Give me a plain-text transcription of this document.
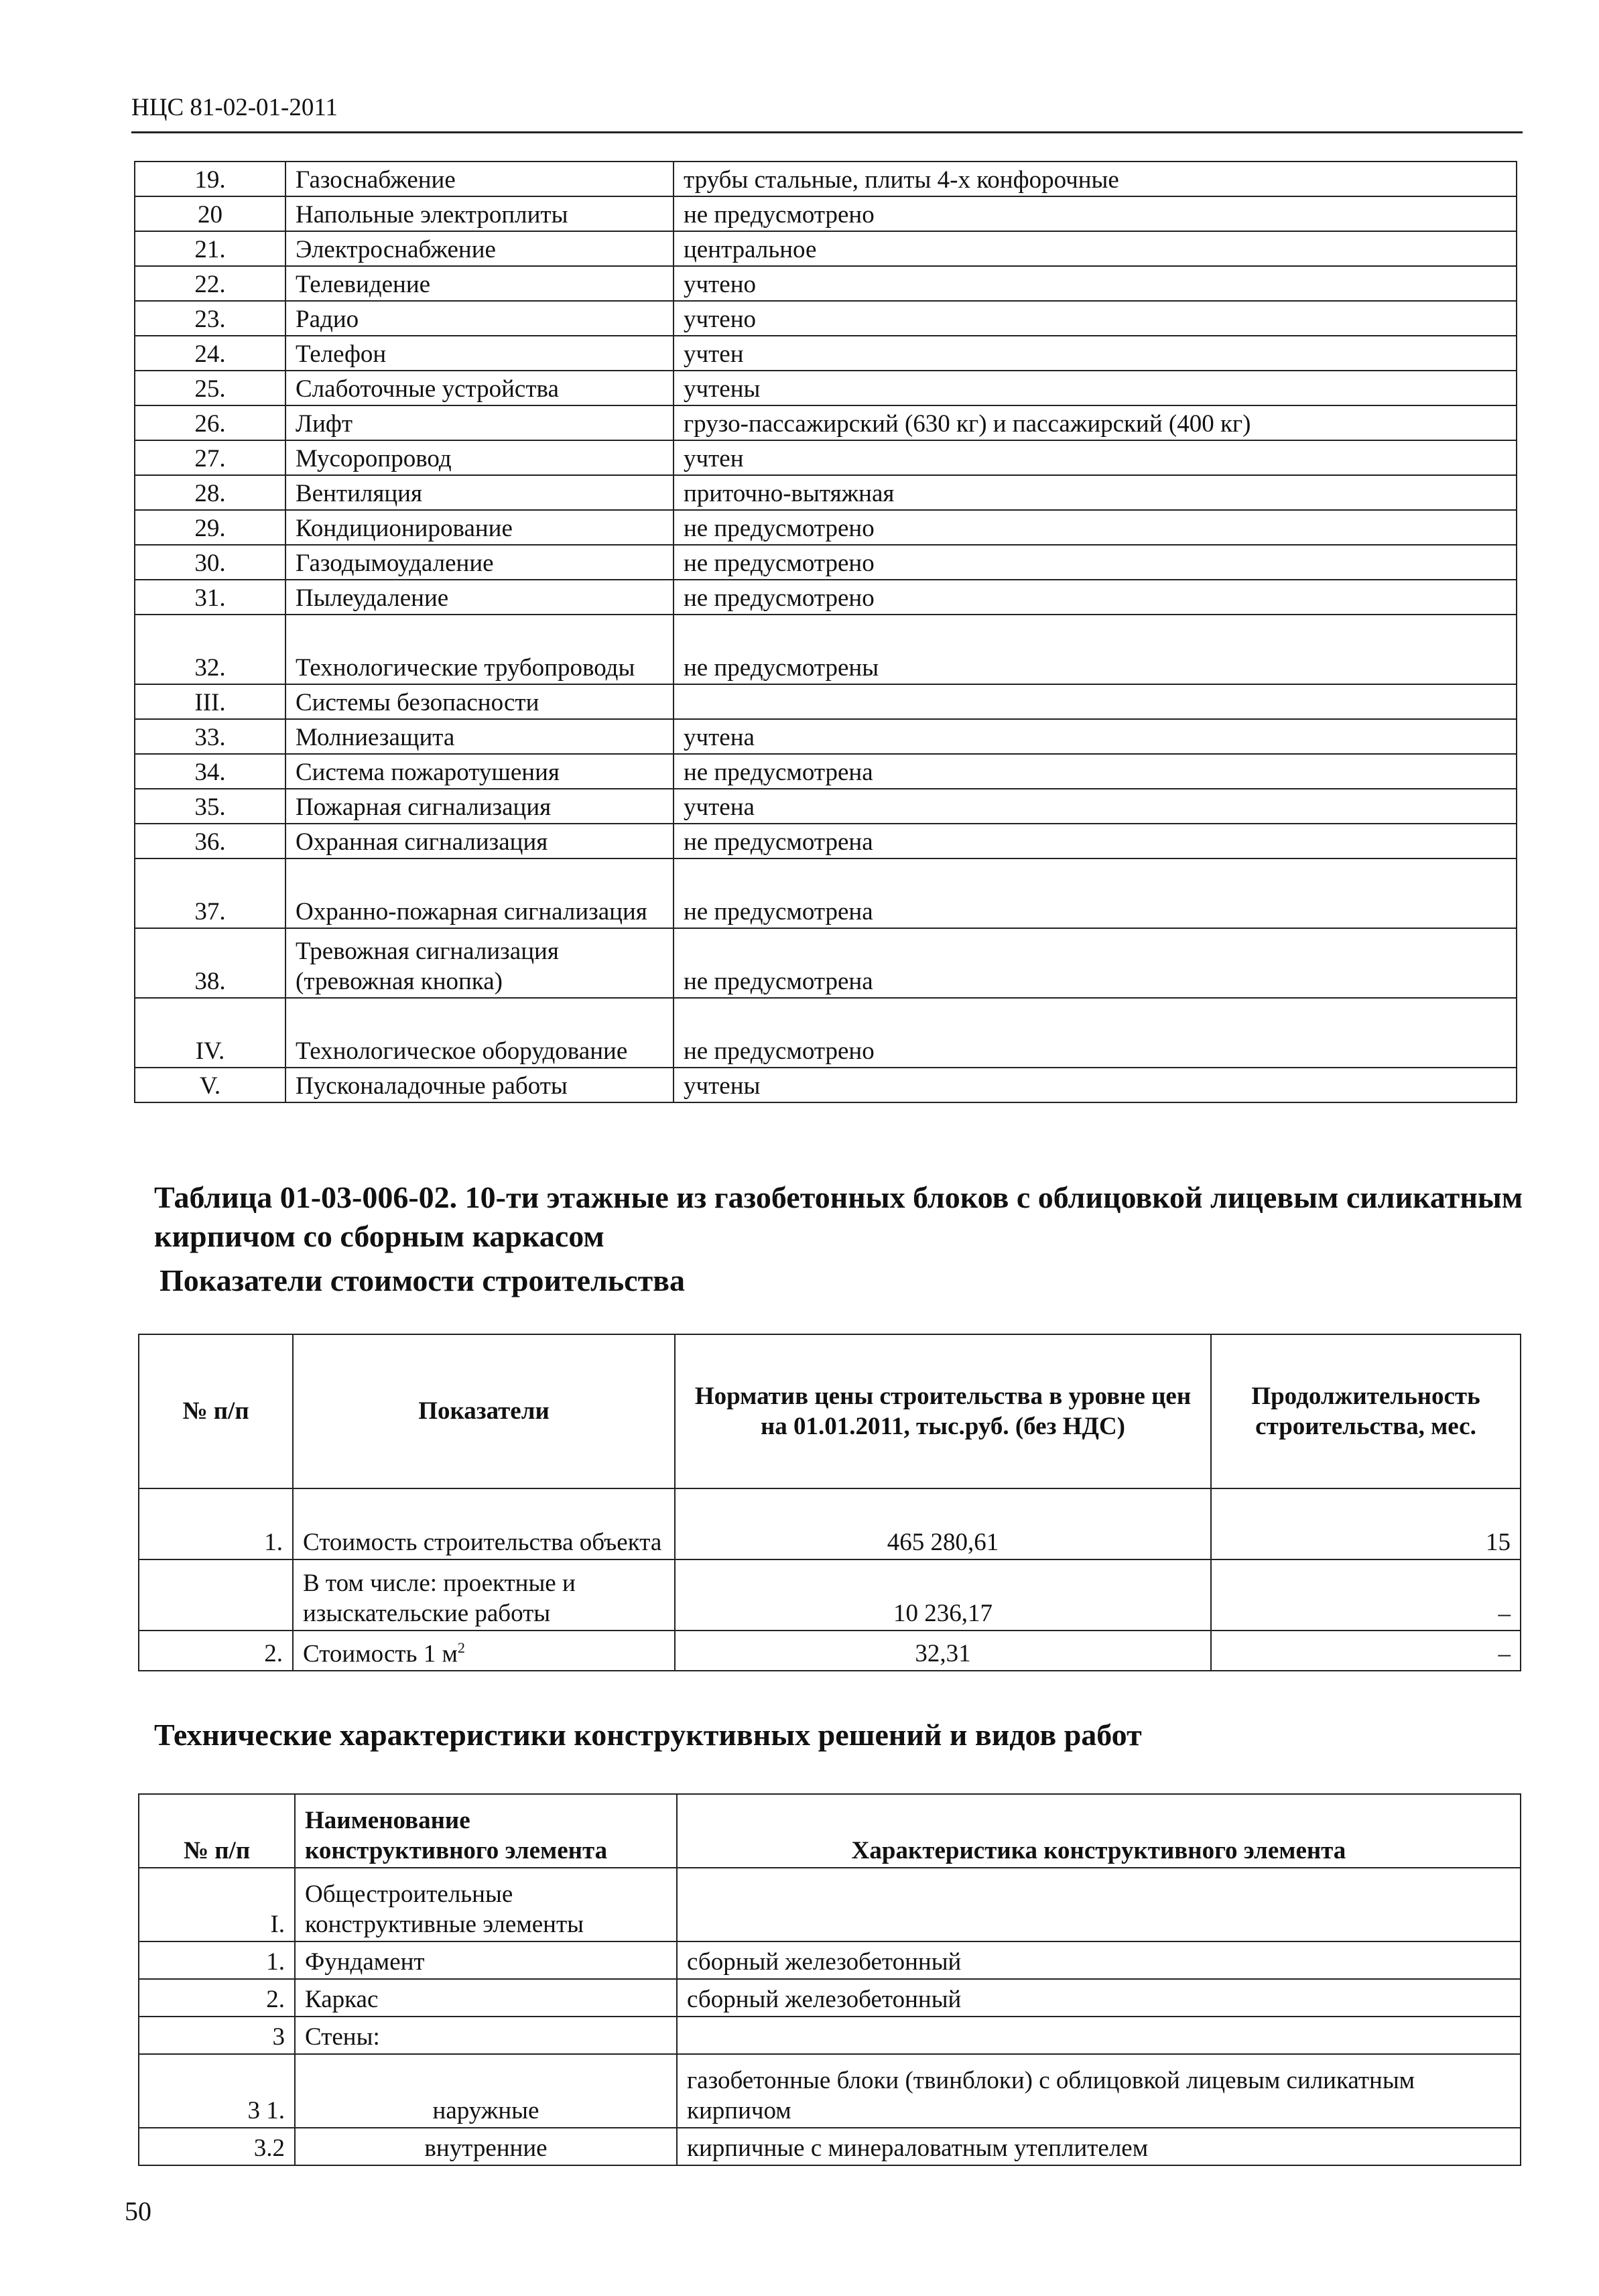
НЦС 81-02-01-2011
19.	Газоснабжение	трубы стальные, плиты 4-х конфорочные
20	Напольные электроплиты	не предусмотрено
21.	Электроснабжение	центральное
22.	Телевидение	учтено
23.	Радио	учтено
24.	Телефон	учтен
25.	Слаботочные устройства	учтены
26.	Лифт	грузо-пассажирский (630 кг) и пассажирский (400 кг)
27.	Мусоропровод	учтен
28.	Вентиляция	приточно-вытяжная
29.	Кондиционирование	не предусмотрено
30.	Газодымоудаление	не предусмотрено
31.	Пылеудаление	не предусмотрено
32.	Технологические трубопроводы	не предусмотрены
III.	Системы безопасности	
33.	Молниезащита	учтена
34.	Система пожаротушения	не предусмотрена
35.	Пожарная сигнализация	учтена
36.	Охранная сигнализация	не предусмотрена
37.	Охранно-пожарная сигнализация	не предусмотрена
38.	Тревожная сигнализация (тревожная кнопка)	не предусмотрена
IV.	Технологическое оборудование	не предусмотрено
V.	Пусконаладочные работы	учтены
Таблица 01-03-006-02. 10-ти этажные из газобетонных блоков с облицовкой лицевым силикатным кирпичом со сборным каркасом
Показатели стоимости строительства
№ п/п	Показатели	Норматив цены строительства в уровне цен на 01.01.2011, тыс.руб. (без НДС)	Продолжительность строительства, мес.
1.	Стоимость строительства объекта	465 280,61	15
	В том числе: проектные и изыскательские работы	10 236,17	–
2.	Стоимость 1 $м^2$	32,31	–
Технические характеристики конструктивных решений и видов работ
№ п/п	Наименование конструктивного элемента	Характеристика конструктивного элемента
I.	Общестроительные конструктивные элементы	
1.	Фундамент	сборный железобетонный
2.	Каркас	сборный железобетонный
3	Стены:	
3 1.	наружные	газобетонные блоки (твинблоки) с облицовкой лицевым силикатным кирпичом
3.2	внутренние	кирпичные с минераловатным утеплителем
50
